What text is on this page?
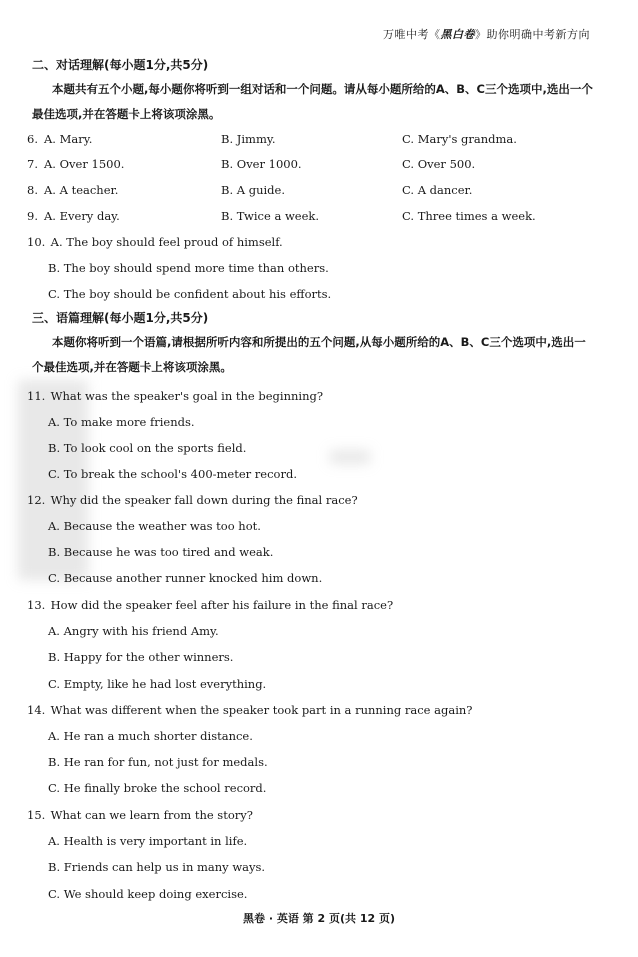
万唯中考《黑白卷》助你明确中考新方向
二、对话理解(每小题1分,共5分)
本题共有五个小题,每小题你将听到一组对话和一个问题。请从每小题所给的A、B、C三个选项中,选出一个最佳选项,并在答题卡上将该项涂黑。
6. A. Mary.	B. Jimmy.	C. Mary's grandma.
7. A. Over 1500.	B. Over 1000.	C. Over 500.
8. A. A teacher.	B. A guide.	C. A dancer.
9. A. Every day.	B. Twice a week.	C. Three times a week.
10. A. The boy should feel proud of himself.
B. The boy should spend more time than others.
C. The boy should be confident about his efforts.
三、语篇理解(每小题1分,共5分)
本题你将听到一个语篇,请根据所听内容和所提出的五个问题,从每小题所给的A、B、C三个选项中,选出一个最佳选项,并在答题卡上将该项涂黑。
11. What was the speaker's goal in the beginning?
A. To make more friends.
B. To look cool on the sports field.
C. To break the school's 400-meter record.
12. Why did the speaker fall down during the final race?
A. Because the weather was too hot.
B. Because he was too tired and weak.
C. Because another runner knocked him down.
13. How did the speaker feel after his failure in the final race?
A. Angry with his friend Amy.
B. Happy for the other winners.
C. Empty, like he had lost everything.
14. What was different when the speaker took part in a running race again?
A. He ran a much shorter distance.
B. He ran for fun, not just for medals.
C. He finally broke the school record.
15. What can we learn from the story?
A. Health is very important in life.
B. Friends can help us in many ways.
C. We should keep doing exercise.
黑卷 · 英语 第 2 页(共 12 页)
